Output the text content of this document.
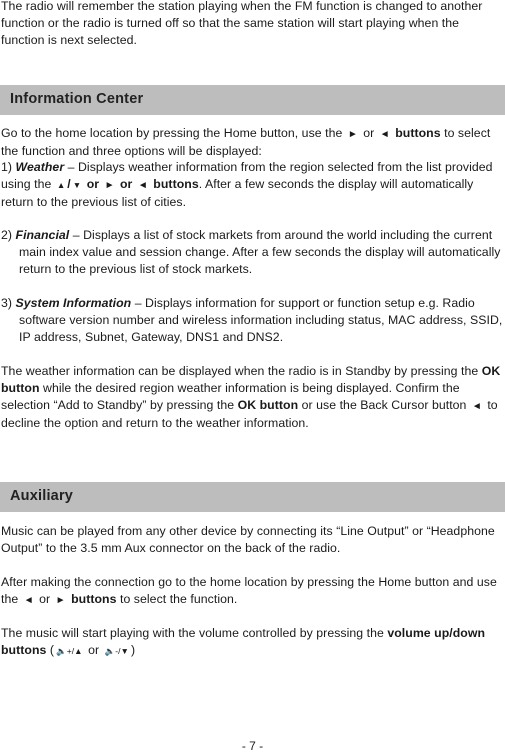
The radio will remember the station playing when the FM function is changed to another function or the radio is turned off so that the same station will start playing when the function is next selected.

Information Center

Go to the home location by pressing the Home button, use the ► or ◄ buttons to select the function and three options will be displayed:

1) Weather – Displays weather information from the region selected from the list provided using the ▲ / ▼ or ► or ◄ buttons. After a few seconds the display will automatically return to the previous list of cities.

2) Financial – Displays a list of stock markets from around the world including the current main index value and session change. After a few seconds the display will automatically return to the previous list of stock markets.

3) System Information – Displays information for support or function setup e.g. Radio software version number and wireless information including status, MAC address, SSID, IP address, Subnet, Gateway, DNS1 and DNS2.

The weather information can be displayed when the radio is in Standby by pressing the OK button while the desired region weather information is being displayed. Confirm the selection “Add to Standby” by pressing the OK button or use the Back Cursor button ◄ to decline the option and return to the weather information.

Auxiliary

Music can be played from any other device by connecting its “Line Output” or “Headphone Output” to the 3.5 mm Aux connector on the back of the radio.

After making the connection go to the home location by pressing the Home button and use the ◄ or ► buttons to select the function.

The music will start playing with the volume controlled by pressing the volume up/down buttons ( 🔈+/▲ or 🔈-/▼ )

- 7 -
